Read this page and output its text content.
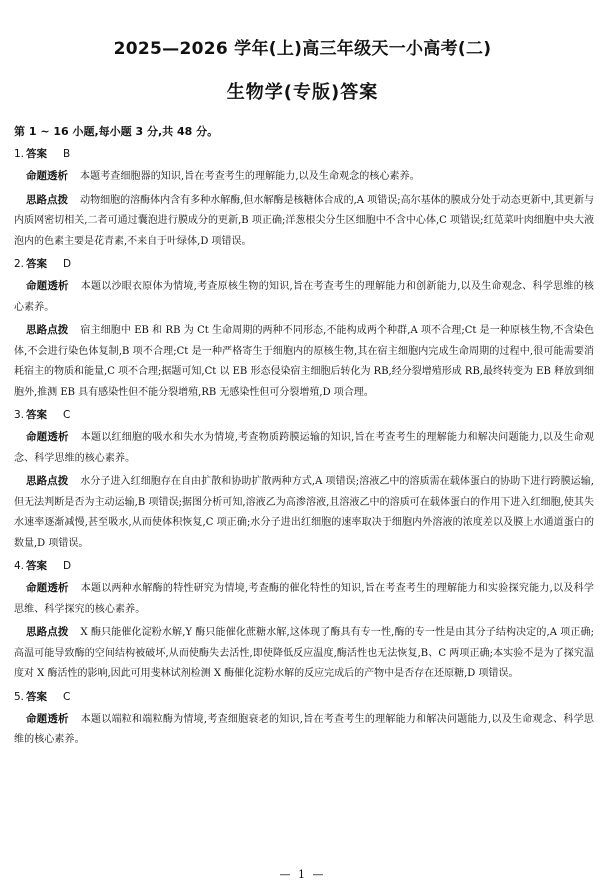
2025—2026 学年(上)高三年级天一小高考(二)
生物学(专版)答案

第 1 ~ 16 小题,每小题 3 分,共 48 分。

1. 答案 B

命题透析 本题考查细胞器的知识,旨在考查考生的理解能力,以及生命观念的核心素养。

思路点拨 动物细胞的溶酶体内含有多种水解酶,但水解酶是核糖体合成的,A 项错误;高尔基体的膜成分处于动态更新中,其更新与内质网密切相关,二者可通过囊泡进行膜成分的更新,B 项正确;洋葱根尖分生区细胞中不含中心体,C 项错误;红苋菜叶肉细胞中央大液泡内的色素主要是花青素,不来自于叶绿体,D 项错误。

2. 答案 D

命题透析 本题以沙眼衣原体为情境,考查原核生物的知识,旨在考查考生的理解能力和创新能力,以及生命观念、科学思维的核心素养。

思路点拨 宿主细胞中 EB 和 RB 为 Ct 生命周期的两种不同形态,不能构成两个种群,A 项不合理;Ct 是一种原核生物,不含染色体,不会进行染色体复制,B 项不合理;Ct 是一种严格寄生于细胞内的原核生物,其在宿主细胞内完成生命周期的过程中,很可能需要消耗宿主的物质和能量,C 项不合理;据题可知,Ct 以 EB 形态侵染宿主细胞后转化为 RB,经分裂增殖形成 RB,最终转变为 EB 释放到细胞外,推测 EB 具有感染性但不能分裂增殖,RB 无感染性但可分裂增殖,D 项合理。

3. 答案 C

命题透析 本题以红细胞的吸水和失水为情境,考查物质跨膜运输的知识,旨在考查考生的理解能力和解决问题能力,以及生命观念、科学思维的核心素养。

思路点拨 水分子进入红细胞存在自由扩散和协助扩散两种方式,A 项错误;溶液乙中的溶质需在载体蛋白的协助下进行跨膜运输,但无法判断是否为主动运输,B 项错误;据图分析可知,溶液乙为高渗溶液,且溶液乙中的溶质可在载体蛋白的作用下进入红细胞,使其失水速率逐渐减慢,甚至吸水,从而使体积恢复,C 项正确;水分子进出红细胞的速率取决于细胞内外溶液的浓度差以及膜上水通道蛋白的数量,D 项错误。

4. 答案 D

命题透析 本题以两种水解酶的特性研究为情境,考查酶的催化特性的知识,旨在考查考生的理解能力和实验探究能力,以及科学思维、科学探究的核心素养。

思路点拨 X 酶只能催化淀粉水解,Y 酶只能催化蔗糖水解,这体现了酶具有专一性,酶的专一性是由其分子结构决定的,A 项正确;高温可能导致酶的空间结构被破坏,从而使酶失去活性,即使降低反应温度,酶活性也无法恢复,B、C 两项正确;本实验不是为了探究温度对 X 酶活性的影响,因此可用斐林试剂检测 X 酶催化淀粉水解的反应完成后的产物中是否存在还原糖,D 项错误。

5. 答案 C

命题透析 本题以端粒和端粒酶为情境,考查细胞衰老的知识,旨在考查考生的理解能力和解决问题能力,以及生命观念、科学思维的核心素养。

— 1 —
